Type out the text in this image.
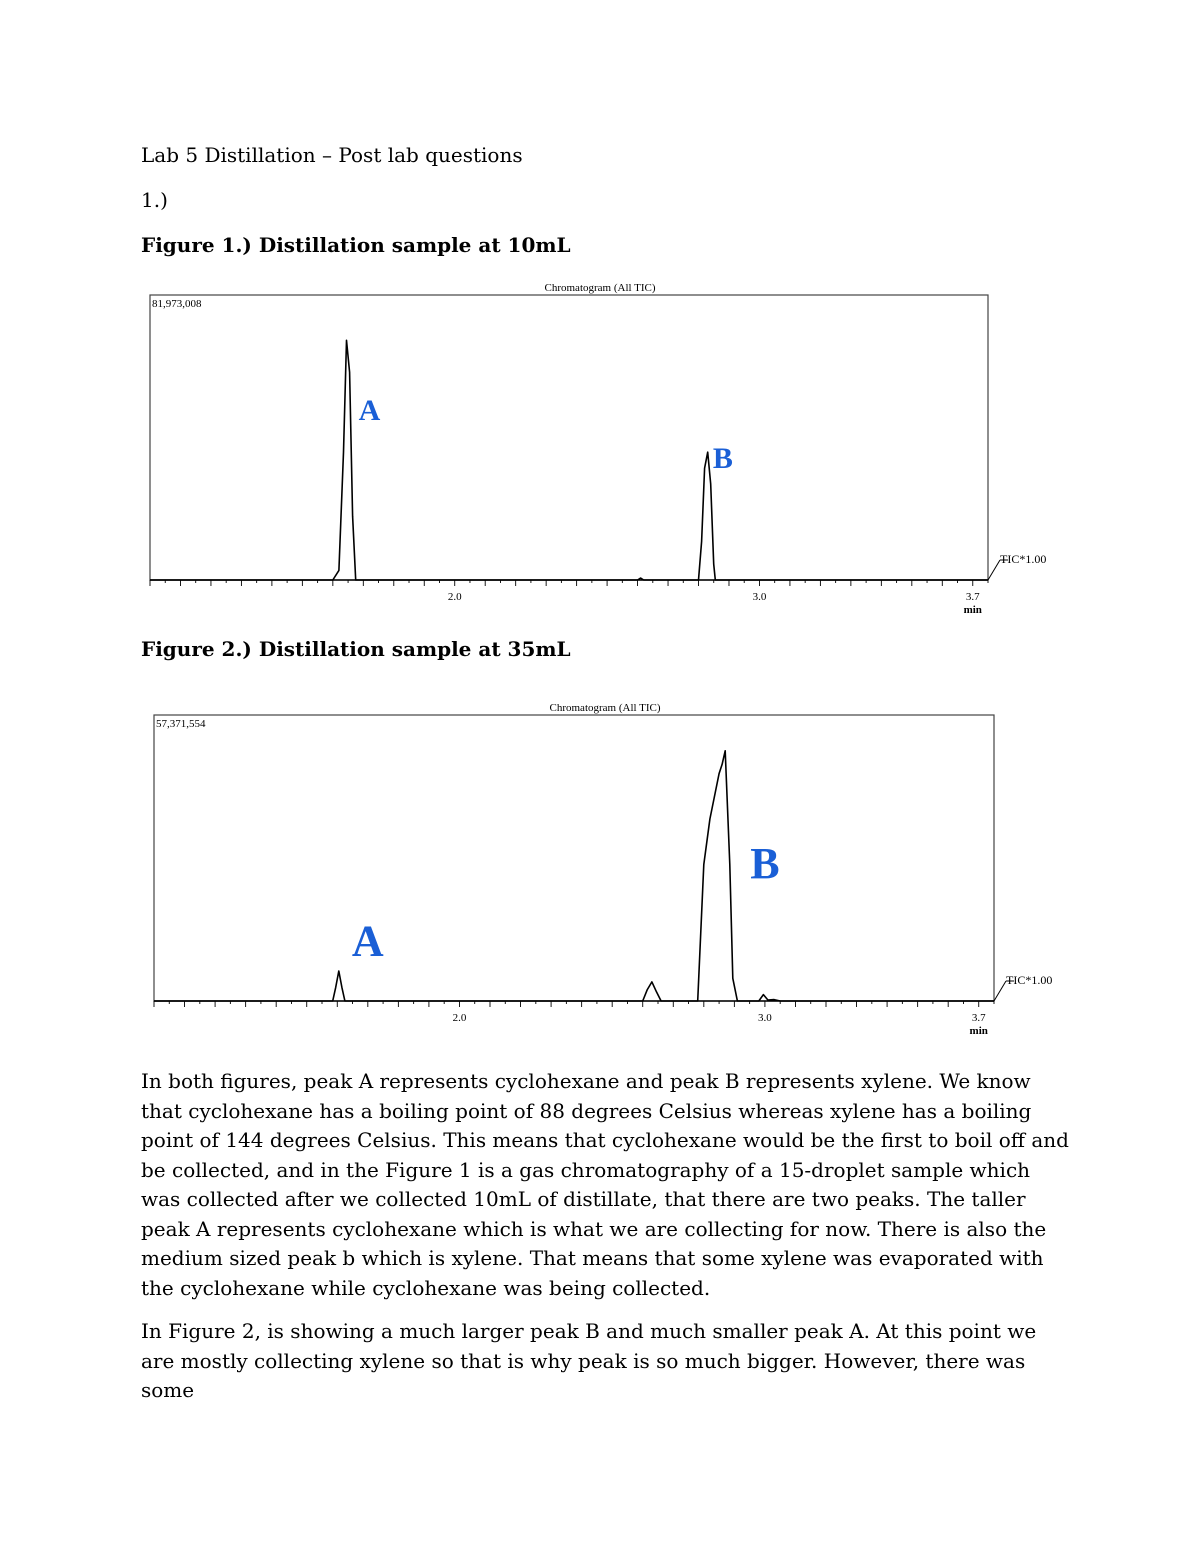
Lab 5 Distillation – Post lab questions
1.)
Figure 1.) Distillation sample at 10mL
Chromatogram (All TIC)
81,973,008
2.0	3.0	3.7
min
TIC*1.00
A
B
Figure 2.) Distillation sample at 35mL
Chromatogram (All TIC)
57,371,554
2.0	3.0	3.7
min
TIC*1.00
A
B

In both figures, peak A represents cyclohexane and peak B represents xylene. We know that cyclohexane has a boiling point of 88 degrees Celsius whereas xylene has a boiling point of 144 degrees Celsius. This means that cyclohexane would be the first to boil off and be collected, and in the Figure 1 is a gas chromatography of a 15-droplet sample which was collected after we collected 10mL of distillate, that there are two peaks. The taller peak A represents cyclohexane which is what we are collecting for now. There is also the medium sized peak b which is xylene. That means that some xylene was evaporated with the cyclohexane while cyclohexane was being collected.

In Figure 2, is showing a much larger peak B and much smaller peak A. At this point we are mostly collecting xylene so that is why peak is so much bigger. However, there was some
